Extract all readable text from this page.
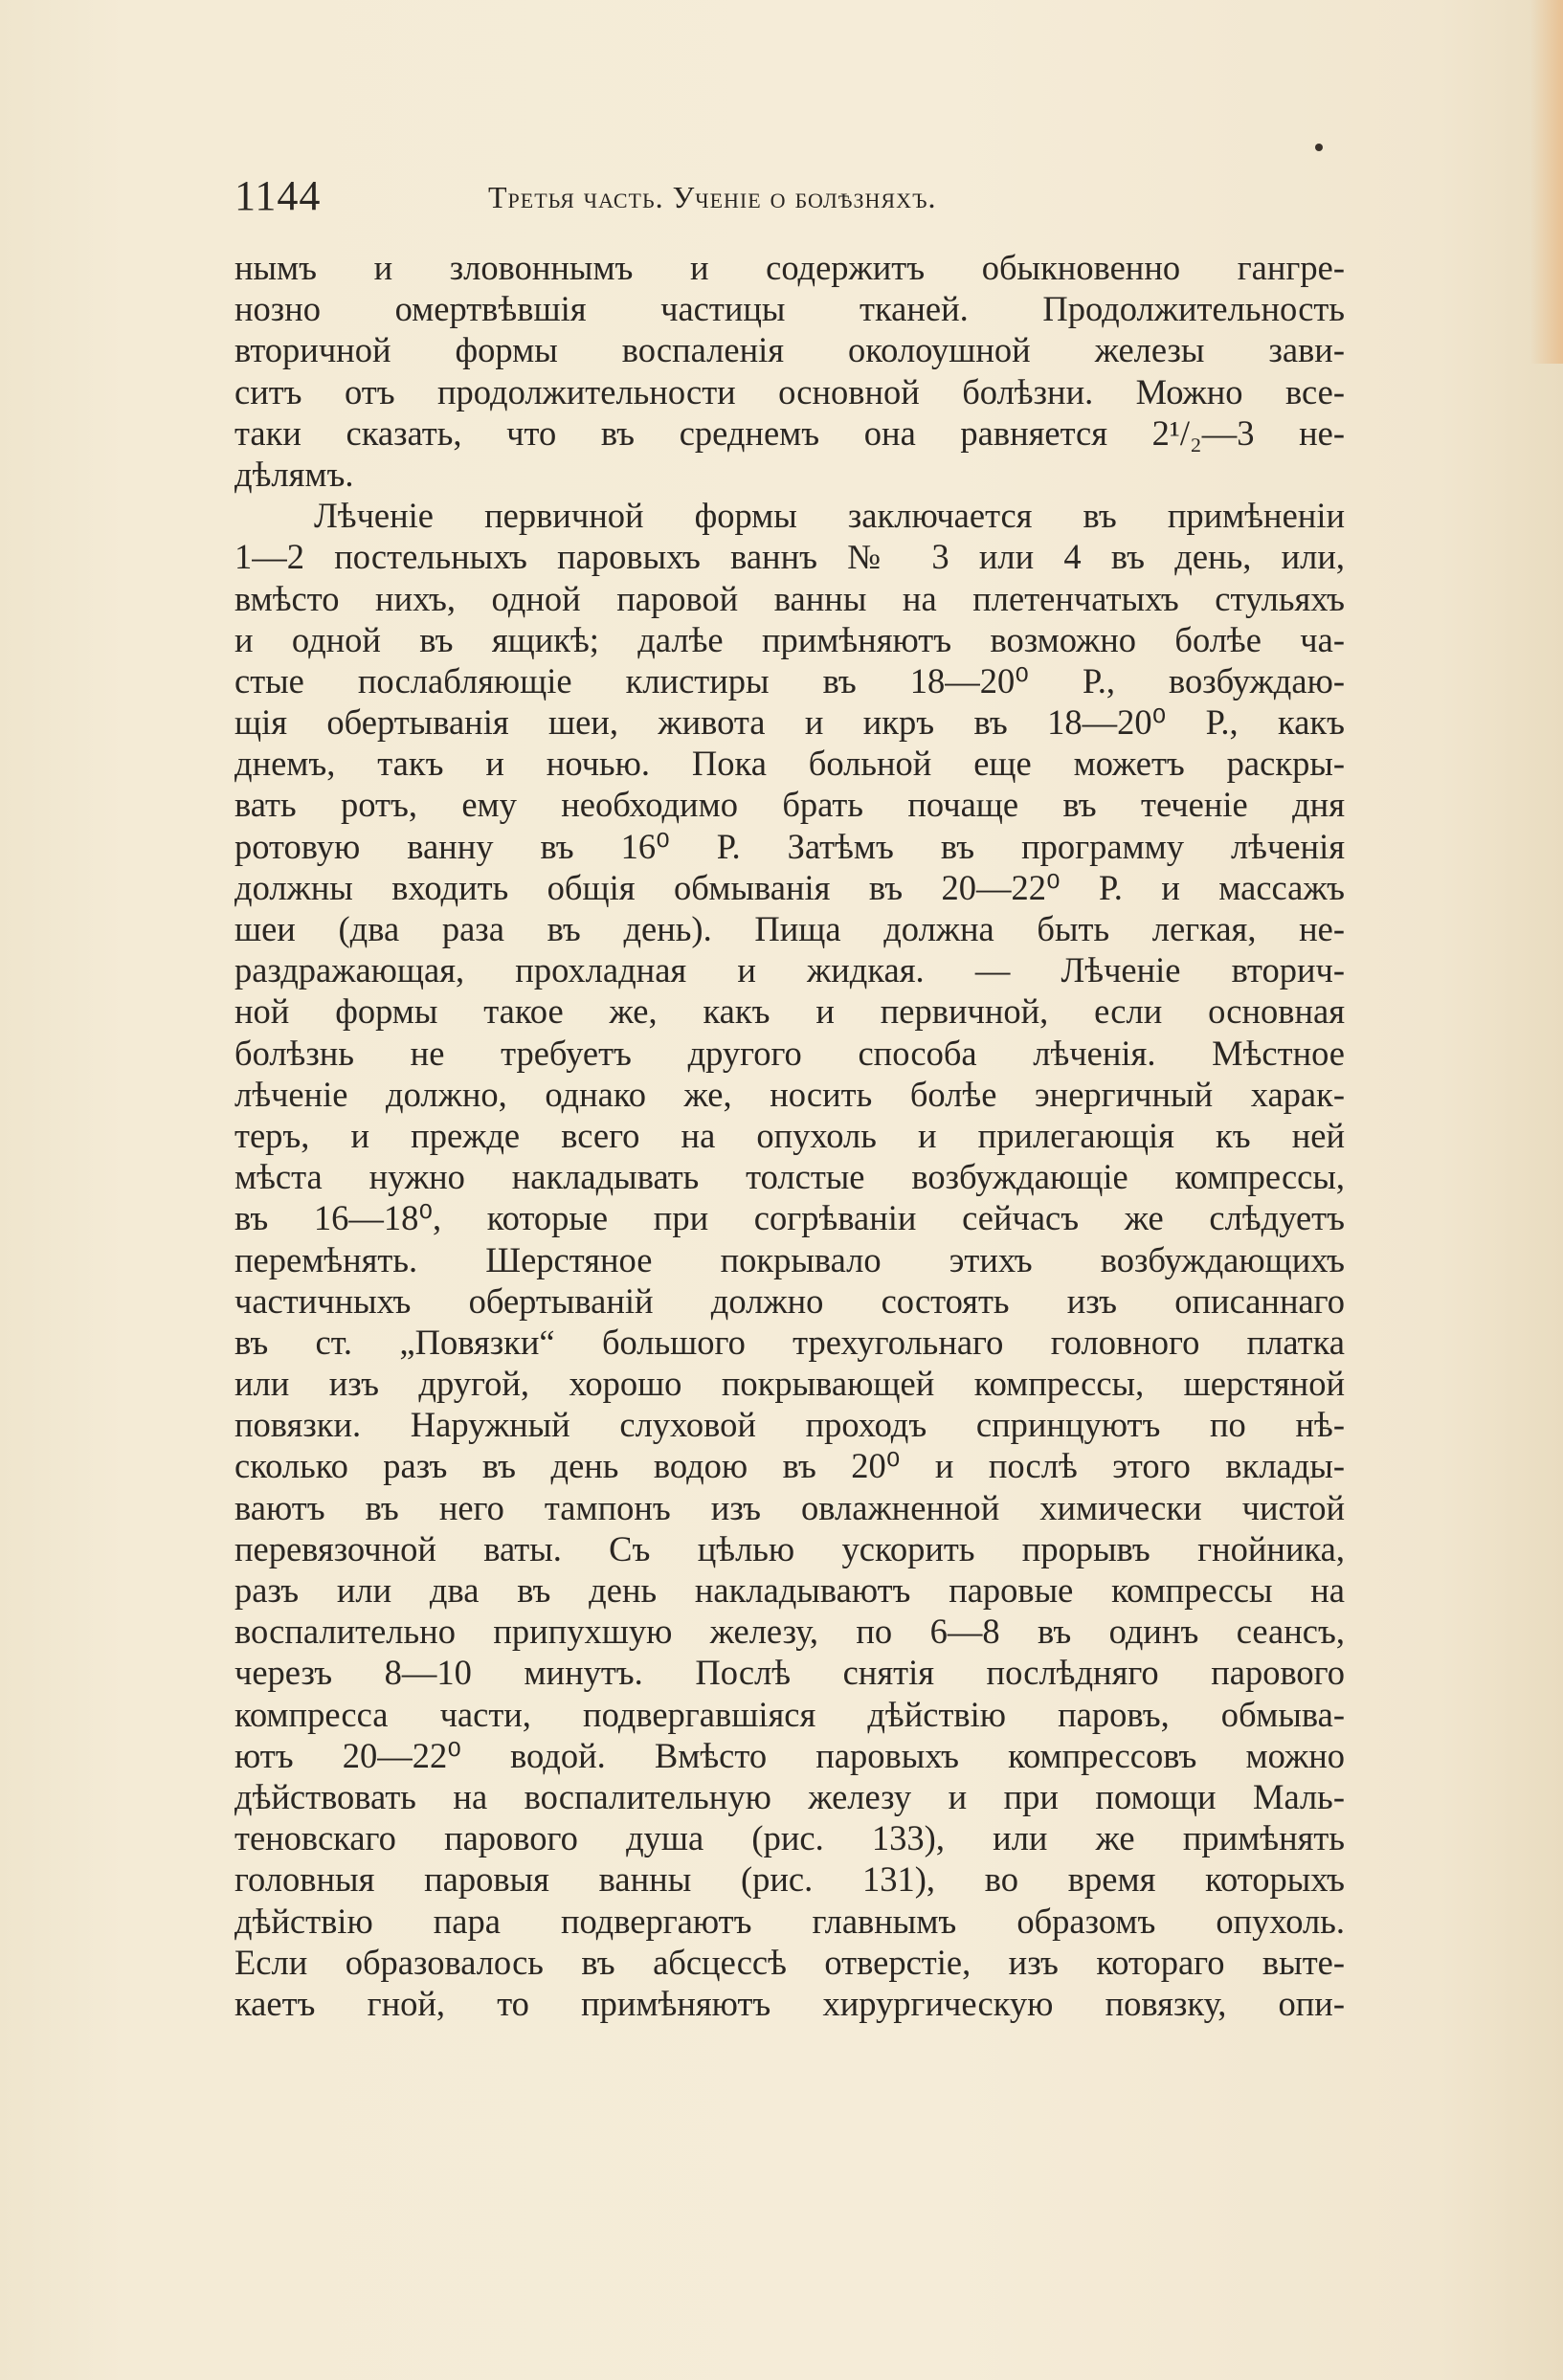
1144	Третья часть. Ученіе о болѣзняхъ.
нымъ и зловоннымъ и содержитъ обыкновенно гангре-
нозно омертвѣвшія частицы тканей. Продолжительность
вторичной формы воспаленія околоушной железы зави-
ситъ отъ продолжительности основной болѣзни. Можно все-
таки сказать, что въ среднемъ она равняется 2¹/₂—3 не-
дѣлямъ.
Лѣченіе первичной формы заключается въ примѣненіи
1—2 постельныхъ паровыхъ ваннъ № 3 или 4 въ день, или,
вмѣсто нихъ, одной паровой ванны на плетенчатыхъ стульяхъ
и одной въ ящикѣ; далѣе примѣняютъ возможно болѣе ча-
стые послабляющіе клистиры въ 18—20⁰ Р., возбуждаю-
щія обертыванія шеи, живота и икръ въ 18—20⁰ Р., какъ
днемъ, такъ и ночью. Пока больной еще можетъ раскры-
вать ротъ, ему необходимо брать почаще въ теченіе дня
ротовую ванну въ 16⁰ Р. Затѣмъ въ программу лѣченія
должны входить общія обмыванія въ 20—22⁰ Р. и массажъ
шеи (два раза въ день). Пища должна быть легкая, не-
раздражающая, прохладная и жидкая. — Лѣченіе вторич-
ной формы такое же, какъ и первичной, если основная
болѣзнь не требуетъ другого способа лѣченія. Мѣстное
лѣченіе должно, однако же, носить болѣе энергичный харак-
теръ, и прежде всего на опухоль и прилегающія къ ней
мѣста нужно накладывать толстые возбуждающіе компрессы,
въ 16—18⁰, которые при согрѣваніи сейчасъ же слѣдуетъ
перемѣнять. Шерстяное покрывало этихъ возбуждающихъ
частичныхъ обертываній должно состоять изъ описаннаго
въ ст. „Повязки“ большого трехугольнаго головного платка
или изъ другой, хорошо покрывающей компрессы, шерстяной
повязки. Наружный слуховой проходъ спринцуютъ по нѣ-
сколько разъ въ день водою въ 20⁰ и послѣ этого вклады-
ваютъ въ него тампонъ изъ овлажненной химически чистой
перевязочной ваты. Съ цѣлью ускорить прорывъ гнойника,
разъ или два въ день накладываютъ паровые компрессы на
воспалительно припухшую железу, по 6—8 въ одинъ сеансъ,
черезъ 8—10 минутъ. Послѣ снятія послѣдняго парового
компресса части, подвергавшіяся дѣйствію паровъ, обмыва-
ютъ 20—22⁰ водой. Вмѣсто паровыхъ компрессовъ можно
дѣйствовать на воспалительную железу и при помощи Маль-
теновскаго парового душа (рис. 133), или же примѣнять
головныя паровыя ванны (рис. 131), во время которыхъ
дѣйствію пара подвергаютъ главнымъ образомъ опухоль.
Если образовалось въ абсцессѣ отверстіе, изъ котораго выте-
каетъ гной, то примѣняютъ хирургическую повязку, опи-
